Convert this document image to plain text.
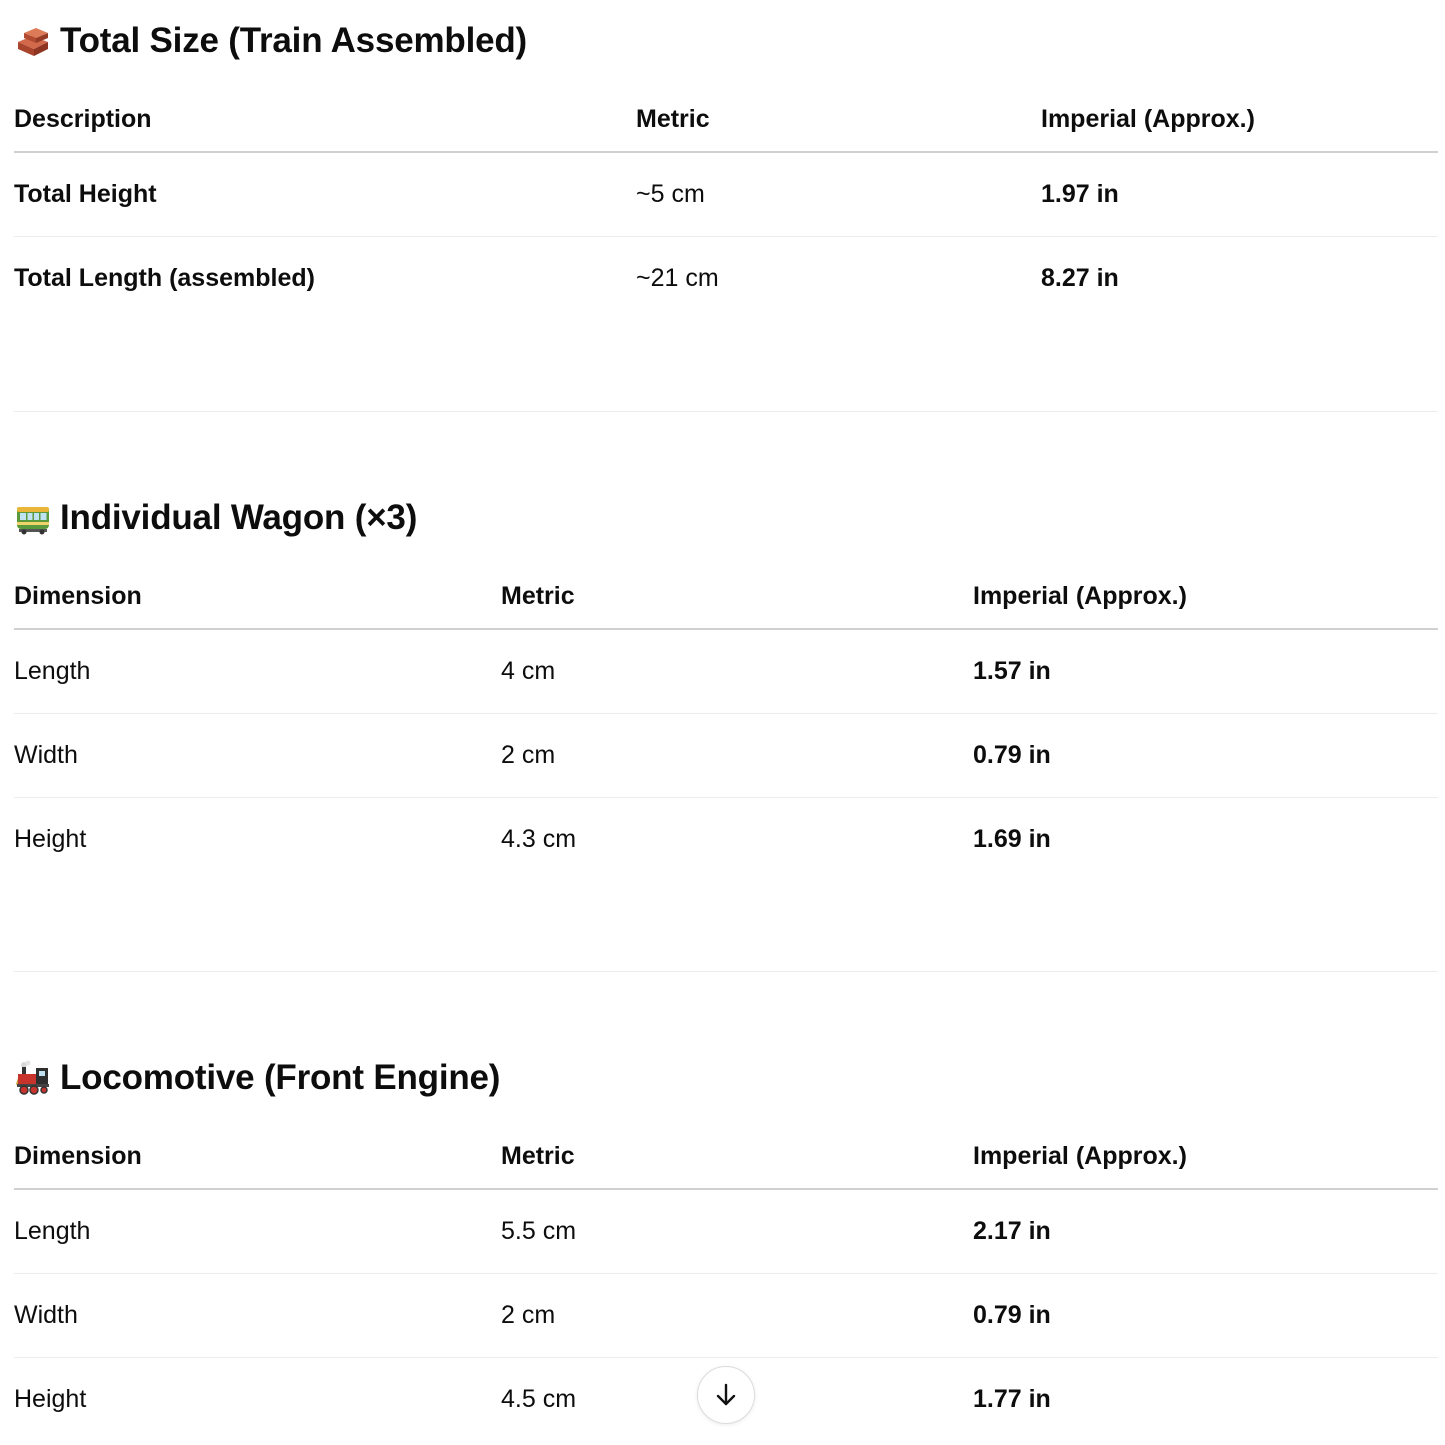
Total Size (Train Assembled)
Description	Metric	Imperial (Approx.)
Total Height	~5 cm	1.97 in
Total Length (assembled)	~21 cm	8.27 in
Individual Wagon (×3)
Dimension	Metric	Imperial (Approx.)
Length	4 cm	1.57 in
Width	2 cm	0.79 in
Height	4.3 cm	1.69 in
Locomotive (Front Engine)
Dimension	Metric	Imperial (Approx.)
Length	5.5 cm	2.17 in
Width	2 cm	0.79 in
Height	4.5 cm	1.77 in
